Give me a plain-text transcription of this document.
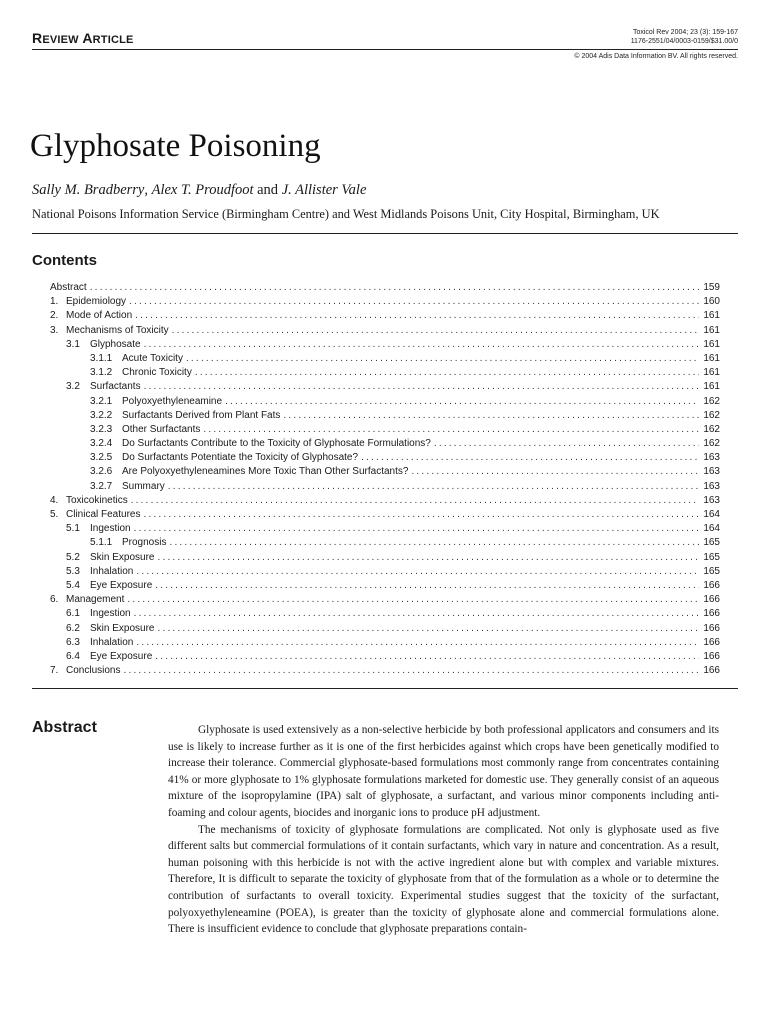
REVIEW ARTICLE
Toxicol Rev 2004; 23 (3): 159-167
1176-2551/04/0003-0159/$31.00/0
© 2004 Adis Data Information BV. All rights reserved.
Glyphosate Poisoning
Sally M. Bradberry, Alex T. Proudfoot and J. Allister Vale
National Poisons Information Service (Birmingham Centre) and West Midlands Poisons Unit, City Hospital, Birmingham, UK
Contents
Abstract .....	159
1. Epidemiology .....	160
2. Mode of Action .....	161
3. Mechanisms of Toxicity .....	161
3.1	Glyphosate .....	161
3.1.1 Acute Toxicity .....	161
3.1.2 Chronic Toxicity .....	161
3.2	Surfactants .....	161
3.2.1 Polyoxyethyleneamine .....	162
3.2.2 Surfactants Derived from Plant Fats .....	162
3.2.3 Other Surfactants .....	162
3.2.4 Do Surfactants Contribute to the Toxicity of Glyphosate Formulations? .....	162
3.2.5 Do Surfactants Potentiate the Toxicity of Glyphosate? .....	163
3.2.6 Are Polyoxyethyleneamines More Toxic Than Other Surfactants? .....	163
3.2.7 Summary .....	163
4. Toxicokinetics .....	163
5. Clinical Features .....	164
5.1	Ingestion .....	164
5.1.1 Prognosis .....	165
5.2	Skin Exposure .....	165
5.3	Inhalation .....	165
5.4	Eye Exposure .....	166
6. Management .....	166
6.1	Ingestion .....	166
6.2	Skin Exposure .....	166
6.3	Inhalation .....	166
6.4	Eye Exposure .....	166
7. Conclusions .....	166
Abstract	Glyphosate is used extensively as a non-selective herbicide by both professional applicators and consumers and its use is likely to increase further as it is one of the first herbicides against which crops have been genetically modified to increase their tolerance. Commercial glyphosate-based formulations most commonly range from concentrates containing 41% or more glyphosate to 1% glyphosate formulations marketed for domestic use. They generally consist of an aqueous mixture of the isopropylamine (IPA) salt of glyphosate, a surfactant, and various minor components including anti-foaming and colour agents, biocides and inorganic ions to produce pH adjustment.

The mechanisms of toxicity of glyphosate formulations are complicated. Not only is glyphosate used as five different salts but commercial formulations of it contain surfactants, which vary in nature and concentration. As a result, human poisoning with this herbicide is not with the active ingredient alone but with complex and variable mixtures. Therefore, It is difficult to separate the toxicity of glyphosate from that of the formulation as a whole or to determine the contribution of surfactants to overall toxicity. Experimental studies suggest that the toxicity of the surfactant, polyoxyethyleneamine (POEA), is greater than the toxicity of glyphosate alone and commercial formulations alone. There is insufficient evidence to conclude that glyphosate preparations contain-
